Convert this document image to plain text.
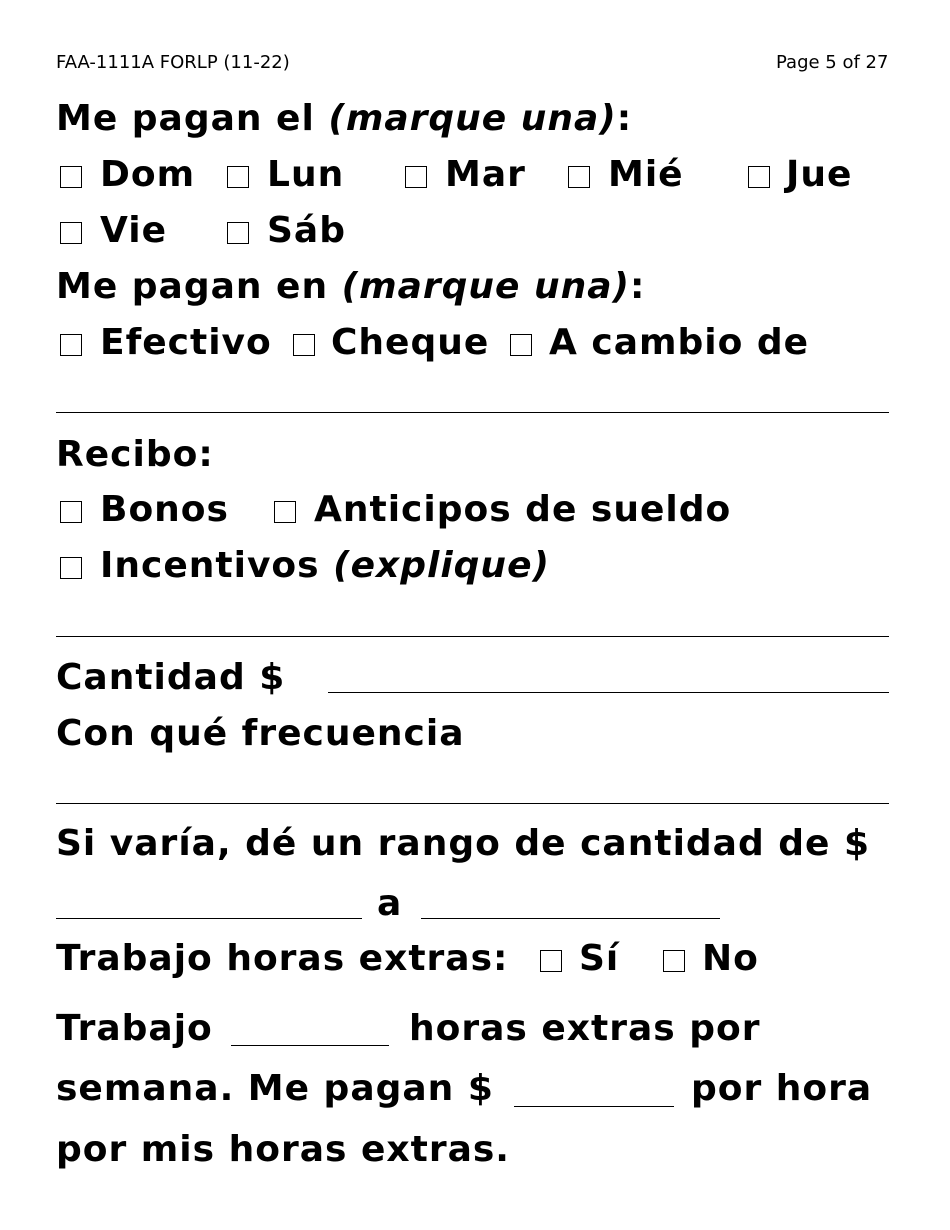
FAA-1111A FORLP (11-22)	Page 5 of 27
Me pagan el (marque una):
Dom Lun	Mar Mié	Jue
Vie	Sáb
Me pagan en (marque una):
Efectivo Cheque A cambio de
Recibo:
Bonos Anticipos de sueldo
Incentivos (explique)
Cantidad $
Con qué frecuencia
Si varía, dé un rango de cantidad de $
a
Trabajo horas extras: Sí No
Trabajo	horas extras por
semana. Me pagan $	por hora
por mis horas extras.
